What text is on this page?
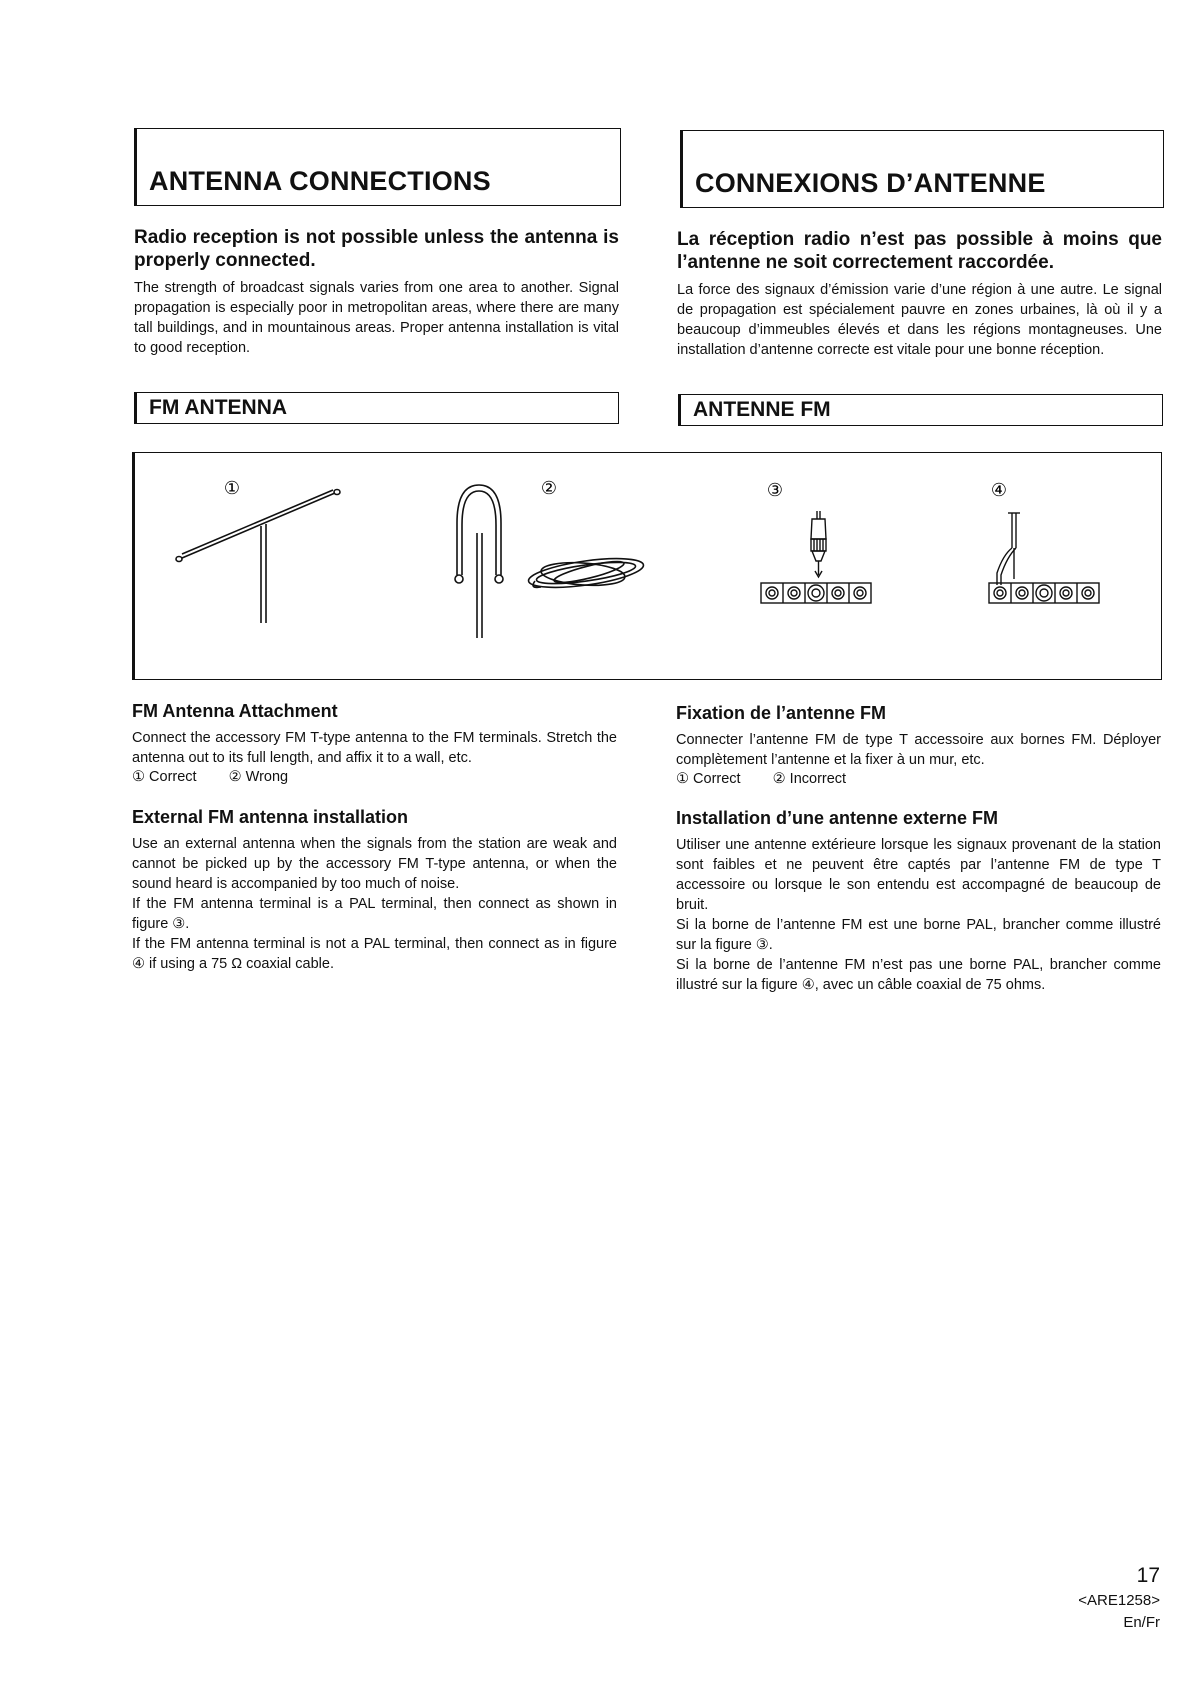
ANTENNA CONNECTIONS
Radio reception is not possible unless the antenna is properly connected.
The strength of broadcast signals varies from one area to another. Signal propagation is especially poor in metropolitan areas, where there are many tall buildings, and in mountainous areas. Proper antenna installation is vital to good reception.
FM ANTENNA
CONNEXIONS D’ANTENNE
La réception radio n’est pas possible à moins que l’antenne ne soit correctement raccordée.
La force des signaux d’émission varie d’une région à une autre. Le signal de propagation est spécialement pauvre en zones urbaines, là où il y a beaucoup d’immeubles élevés et dans les régions montagneuses. Une installation d’antenne correcte est vitale pour une bonne réception.
ANTENNE FM
①	②	③	④
FM Antenna Attachment
Connect the accessory FM T-type antenna to the FM terminals. Stretch the antenna out to its full length, and affix it to a wall, etc.
① Correct ② Wrong
External FM antenna installation
Use an external antenna when the signals from the station are weak and cannot be picked up by the accessory FM T-type antenna, or when the sound heard is accompanied by too much of noise.
If the FM antenna terminal is a PAL terminal, then connect as shown in figure ③.
If the FM antenna terminal is not a PAL terminal, then connect as in figure ④ if using a 75 Ω coaxial cable.
Fixation de l’antenne FM
Connecter l’antenne FM de type T accessoire aux bornes FM. Déployer complètement l’antenne et la fixer à un mur, etc.
① Correct ② Incorrect
Installation d’une antenne externe FM
Utiliser une antenne extérieure lorsque les signaux provenant de la station sont faibles et ne peuvent être captés par l’antenne FM de type T accessoire ou lorsque le son entendu est accompagné de beaucoup de bruit.
Si la borne de l’antenne FM est une borne PAL, brancher comme illustré sur la figure ③.
Si la borne de l’antenne FM n’est pas une borne PAL, brancher comme illustré sur la figure ④, avec un câble coaxial de 75 ohms.
17
<ARE1258>
En/Fr
